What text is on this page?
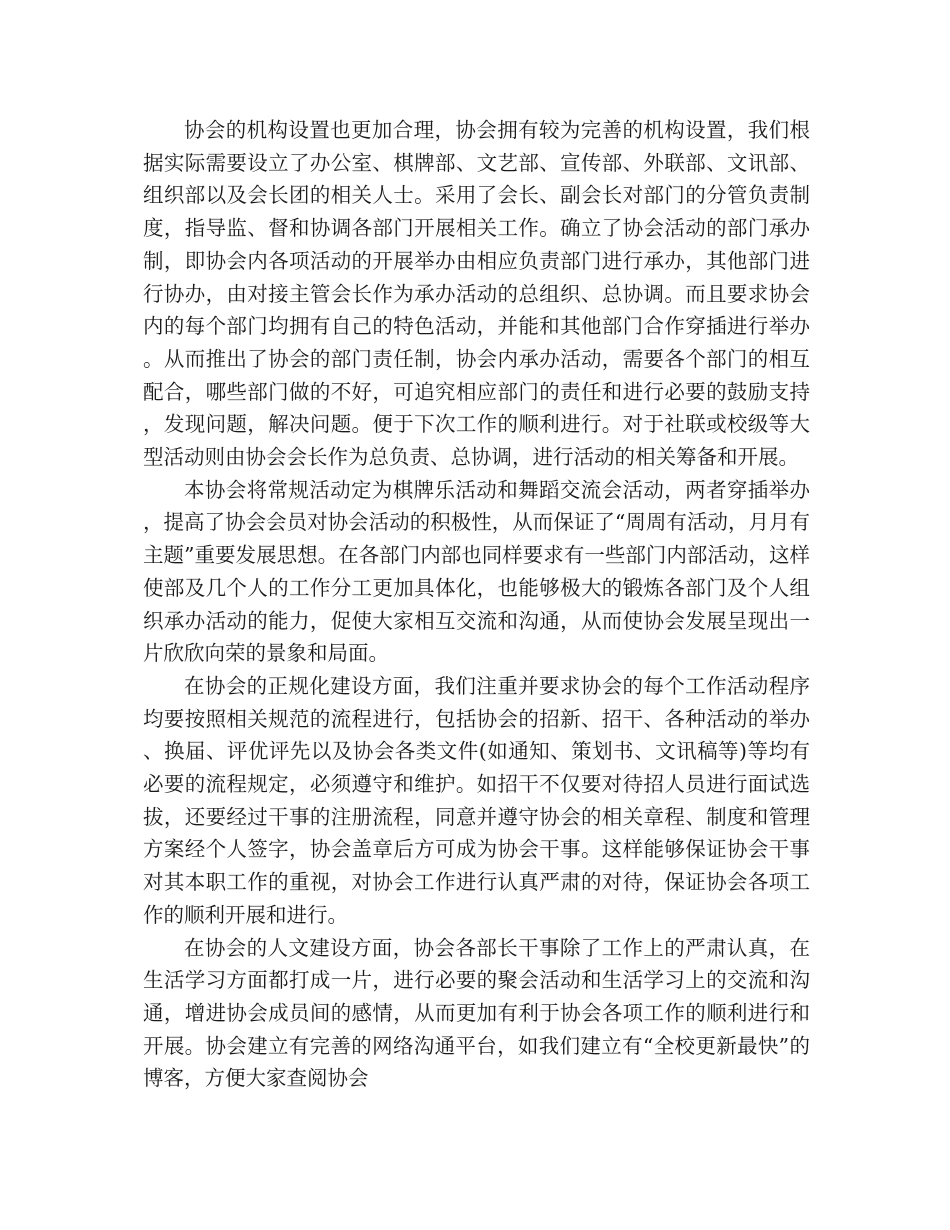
协会的机构设置也更加合理，协会拥有较为完善的机构设置，我们根据实际需要设立了办公室、棋牌部、文艺部、宣传部、外联部、文讯部、组织部以及会长团的相关人士。采用了会长、副会长对部门的分管负责制度，指导监、督和协调各部门开展相关工作。确立了协会活动的部门承办制，即协会内各项活动的开展举办由相应负责部门进行承办，其他部门进行协办，由对接主管会长作为承办活动的总组织、总协调。而且要求协会内的每个部门均拥有自己的特色活动，并能和其他部门合作穿插进行举办。从而推出了协会的部门责任制，协会内承办活动，需要各个部门的相互配合，哪些部门做的不好，可追究相应部门的责任和进行必要的鼓励支持，发现问题，解决问题。便于下次工作的顺利进行。对于社联或校级等大型活动则由协会会长作为总负责、总协调，进行活动的相关筹备和开展。

本协会将常规活动定为棋牌乐活动和舞蹈交流会活动，两者穿插举办，提高了协会会员对协会活动的积极性，从而保证了“周周有活动，月月有主题”重要发展思想。在各部门内部也同样要求有一些部门内部活动，这样使部及几个人的工作分工更加具体化，也能够极大的锻炼各部门及个人组织承办活动的能力，促使大家相互交流和沟通，从而使协会发展呈现出一片欣欣向荣的景象和局面。

在协会的正规化建设方面，我们注重并要求协会的每个工作活动程序均要按照相关规范的流程进行，包括协会的招新、招干、各种活动的举办、换届、评优评先以及协会各类文件(如通知、策划书、文讯稿等)等均有必要的流程规定，必须遵守和维护。如招干不仅要对待招人员进行面试选拔，还要经过干事的注册流程，同意并遵守协会的相关章程、制度和管理方案经个人签字，协会盖章后方可成为协会干事。这样能够保证协会干事对其本职工作的重视，对协会工作进行认真严肃的对待，保证协会各项工作的顺利开展和进行。

在协会的人文建设方面，协会各部长干事除了工作上的严肃认真，在生活学习方面都打成一片，进行必要的聚会活动和生活学习上的交流和沟通，增进协会成员间的感情，从而更加有利于协会各项工作的顺利进行和开展。协会建立有完善的网络沟通平台，如我们建立有“全校更新最快”的博客，方便大家查阅协会
